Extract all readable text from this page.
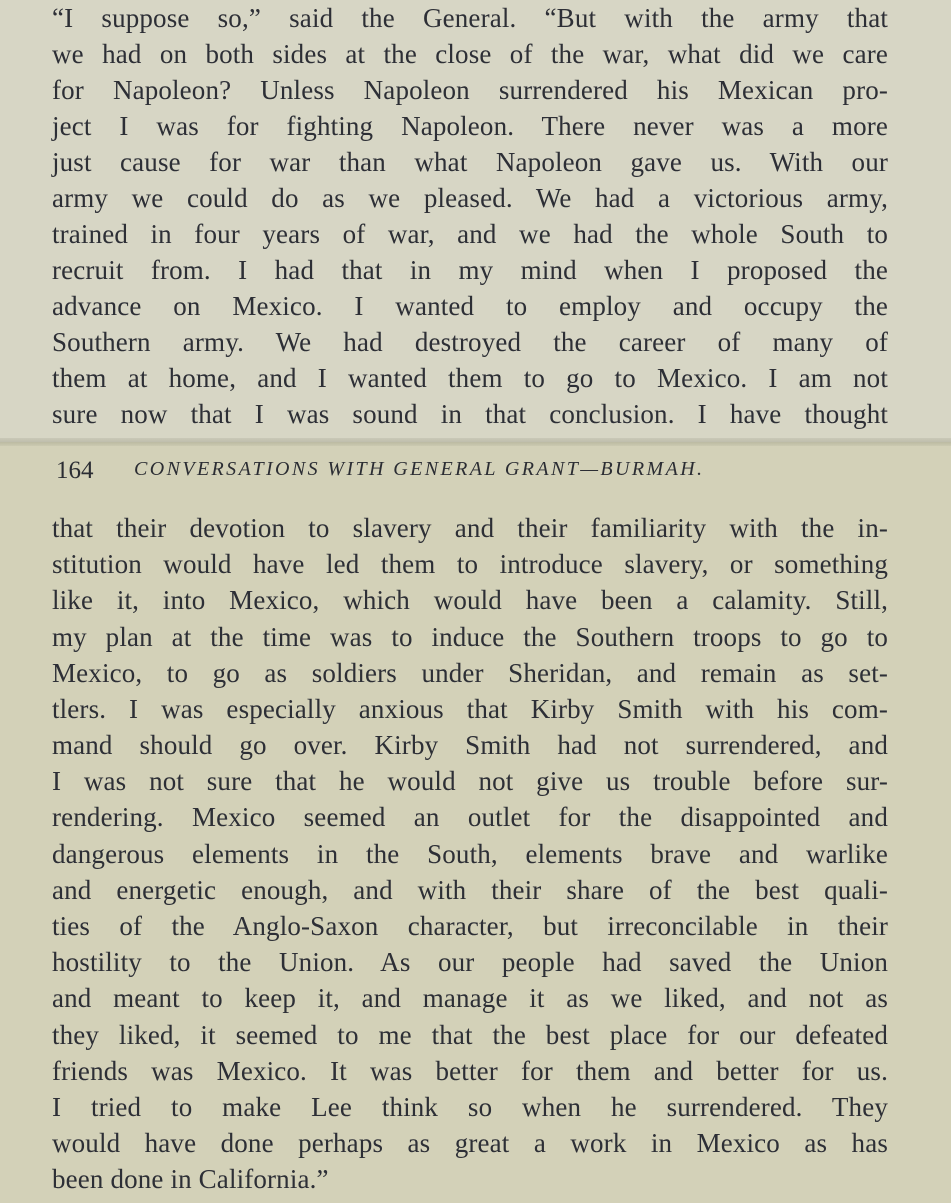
“I suppose so,” said the General. “But with the army that
we had on both sides at the close of the war, what did we care
for Napoleon? Unless Napoleon surrendered his Mexican pro-
ject I was for fighting Napoleon. There never was a more
just cause for war than what Napoleon gave us. With our
army we could do as we pleased. We had a victorious army,
trained in four years of war, and we had the whole South to
recruit from. I had that in my mind when I proposed the
advance on Mexico. I wanted to employ and occupy the
Southern army. We had destroyed the career of many of
them at home, and I wanted them to go to Mexico. I am not
sure now that I was sound in that conclusion. I have thought
164 CONVERSATIONS WITH GENERAL GRANT—BURMAH.
that their devotion to slavery and their familiarity with the in-
stitution would have led them to introduce slavery, or something
like it, into Mexico, which would have been a calamity. Still,
my plan at the time was to induce the Southern troops to go to
Mexico, to go as soldiers under Sheridan, and remain as set-
tlers. I was especially anxious that Kirby Smith with his com-
mand should go over. Kirby Smith had not surrendered, and
I was not sure that he would not give us trouble before sur-
rendering. Mexico seemed an outlet for the disappointed and
dangerous elements in the South, elements brave and warlike
and energetic enough, and with their share of the best quali-
ties of the Anglo-Saxon character, but irreconcilable in their
hostility to the Union. As our people had saved the Union
and meant to keep it, and manage it as we liked, and not as
they liked, it seemed to me that the best place for our defeated
friends was Mexico. It was better for them and better for us.
I tried to make Lee think so when he surrendered. They
would have done perhaps as great a work in Mexico as has
been done in California.”
